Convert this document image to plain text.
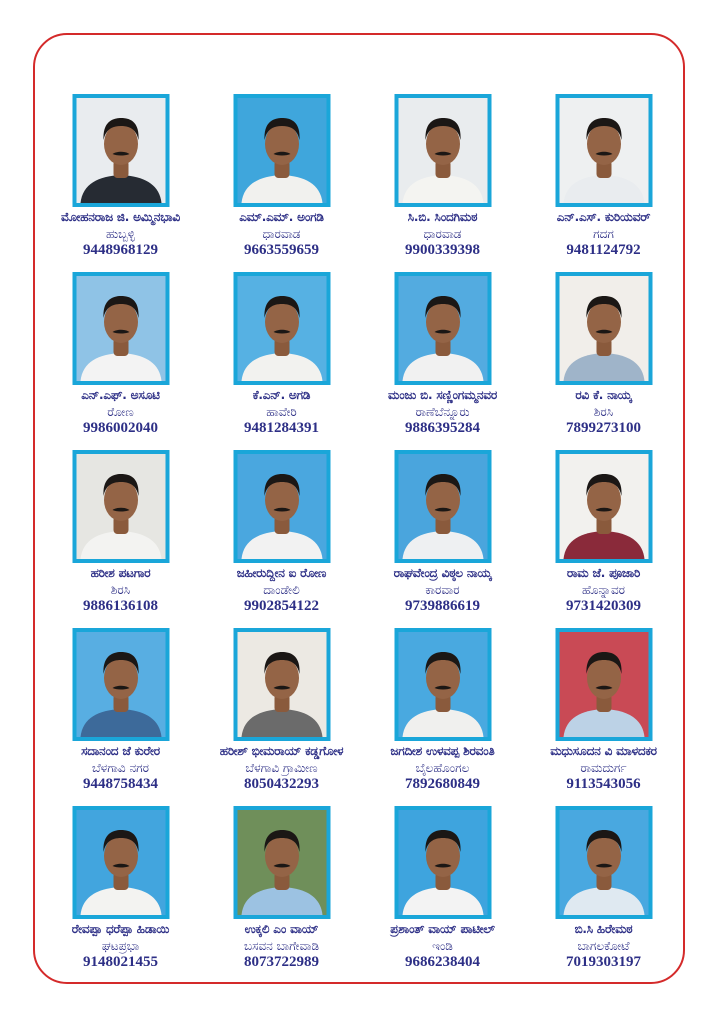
ಮೋಹನರಾಜ ಜಿ. ಅಮ್ಮಿನಭಾವಿ
ಹುಬ್ಬಳ್ಳಿ
9448968129
ಎಮ್.ಎಮ್. ಅಂಗಡಿ
ಧಾರವಾಡ
9663559659
ಸಿ.ಬಿ. ಸಿಂದಗಿಮಠ
ಧಾರವಾಡ
9900339398
ಎನ್.ಎಸ್. ಕುರಿಯವರ್
ಗದಗ
9481124792
ಎನ್.ಎಫ್. ಅಸೂಟಿ
ರೋಣ
9986002040
ಕೆ.ಎನ್. ಅಗಡಿ
ಹಾವೇರಿ
9481284391
ಮಂಜು ಬಿ. ಸಣ್ಣಿಂಗಮ್ಮನವರ
ರಾಣೆಬೆನ್ನೂರು
9886395284
ರವಿ ಕೆ. ನಾಯ್ಕ
ಶಿರಸಿ
7899273100
ಹರೀಶ ಪಟಗಾರ
ಶಿರಸಿ
9886136108
ಜಹೀರುದ್ದೀನ ಐ ರೋಣ
ದಾಂಡೇಲಿ
9902854122
ರಾಘವೇಂದ್ರ ವಿಠ್ಠಲ ನಾಯ್ಕ
ಕಾರವಾರ
9739886619
ರಾಮ ಜೆ. ಪೂಜಾರಿ
ಹೊನ್ನಾವರ
9731420309
ಸದಾನಂದ ಜೆ ಕುರೇರ
ಬೆಳಗಾವಿ ನಗರ
9448758434
ಹರೀಶ್ ಭೀಮರಾಯ್ ಕಡ್ಡಗೋಳ
ಬೆಳಗಾವಿ ಗ್ರಾಮೀಣ
8050432293
ಜಗದೀಶ ಉಳವಪ್ಪ ಶಿರವಂತಿ
ಬೈಲಹೊಂಗಲ
7892680849
ಮಧುಸೂದನ ವಿ ಮಾಳದಕರ
ರಾಮದುರ್ಗ
9113543056
ರೇವಪ್ಪಾ ಧರೆಪ್ಪಾ ಹಿಡಾಯಿ
ಘಟಪ್ರಭಾ
9148021455
ಉಕ್ಕಲಿ ಎಂ ವಾಯ್
ಬಸವನ ಬಾಗೇವಾಡಿ
8073722989
ಪ್ರಶಾಂತ್ ವಾಯ್ ಪಾಟೀಲ್
ಇಂಡಿ
9686238404
ಬಿ.ಸಿ ಹಿರೇಮಠ
ಬಾಗಲಕೋಟೆ
7019303197
